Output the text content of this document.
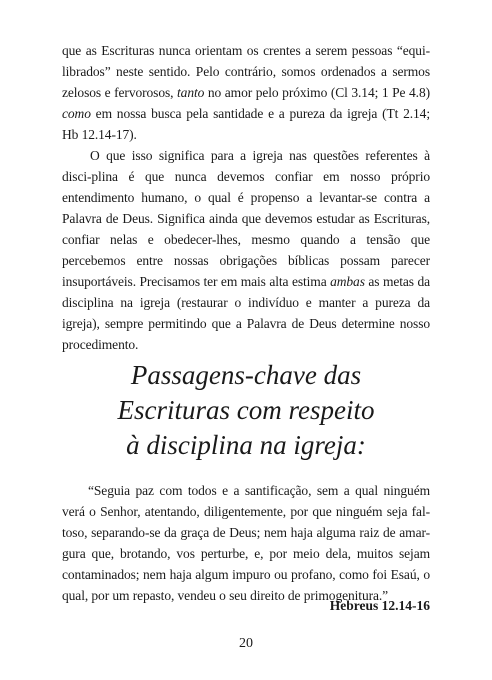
que as Escrituras nunca orientam os crentes a serem pessoas “equi-librados” neste sentido. Pelo contrário, somos ordenados a sermos zelosos e fervorosos, tanto no amor pelo próximo (Cl 3.14; 1 Pe 4.8) como em nossa busca pela santidade e a pureza da igreja (Tt 2.14; Hb 12.14-17).

O que isso significa para a igreja nas questões referentes à disci-plina é que nunca devemos confiar em nosso próprio entendimento humano, o qual é propenso a levantar-se contra a Palavra de Deus. Significa ainda que devemos estudar as Escrituras, confiar nelas e obedecer-lhes, mesmo quando a tensão que percebemos entre nossas obrigações bíblicas possam parecer insuportáveis. Precisamos ter em mais alta estima ambas as metas da disciplina na igreja (restaurar o indivíduo e manter a pureza da igreja), sempre permitindo que a Palavra de Deus determine nosso procedimento.

Passagens-chave das
Escrituras com respeito
à disciplina na igreja:

“Seguia paz com todos e a santificação, sem a qual ninguém verá o Senhor, atentando, diligentemente, por que ninguém seja fal- toso, separando-se da graça de Deus; nem haja alguma raiz de amar- gura que, brotando, vos perturbe, e, por meio dela, muitos sejam contaminados; nem haja algum impuro ou profano, como foi Esaú, o qual, por um repasto, vendeu o seu direito de primogenitura.”

Hebreus 12.14-16
20
